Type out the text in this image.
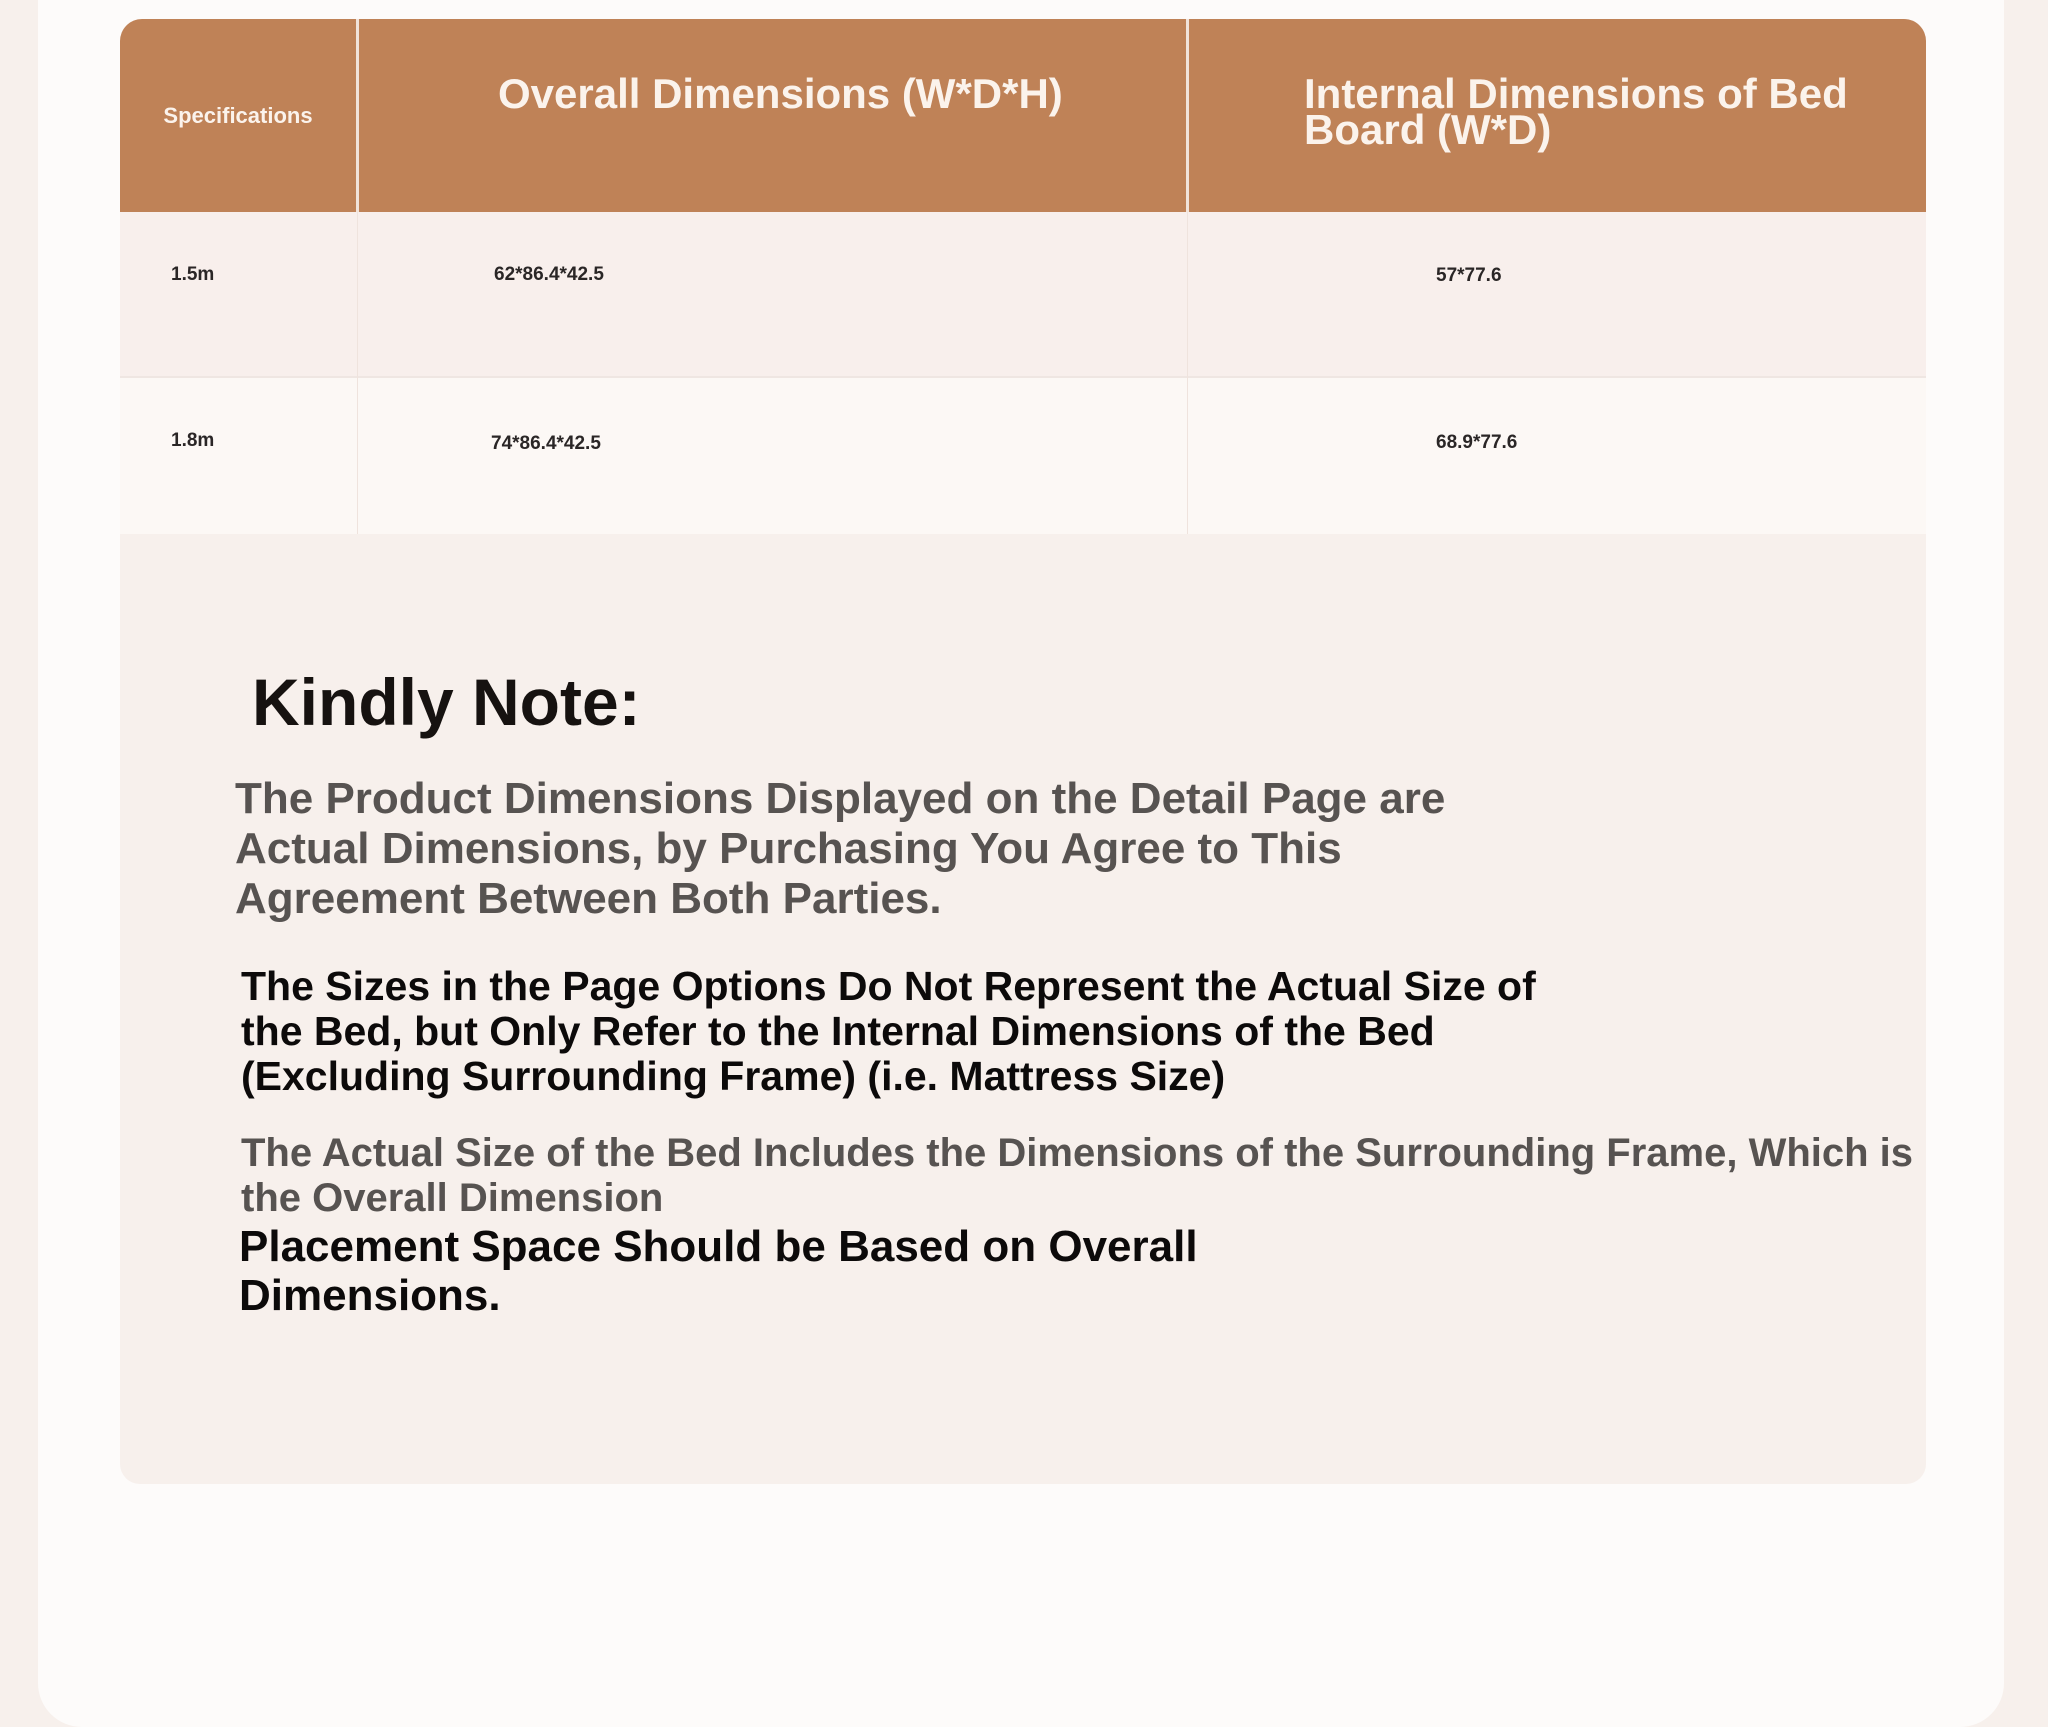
Specifications	Overall Dimensions (W*D*H)	Internal Dimensions of Bed Board (W*D)
1.5m	62*86.4*42.5	57*77.6
1.8m	74*86.4*42.5	68.9*77.6
Kindly Note:
The Product Dimensions Displayed on the Detail Page are Actual Dimensions, by Purchasing You Agree to This Agreement Between Both Parties.
The Sizes in the Page Options Do Not Represent the Actual Size of the Bed, but Only Refer to the Internal Dimensions of the Bed (Excluding Surrounding Frame) (i.e. Mattress Size)
The Actual Size of the Bed Includes the Dimensions of the Surrounding Frame, Which is the Overall Dimension
Placement Space Should be Based on Overall Dimensions.
